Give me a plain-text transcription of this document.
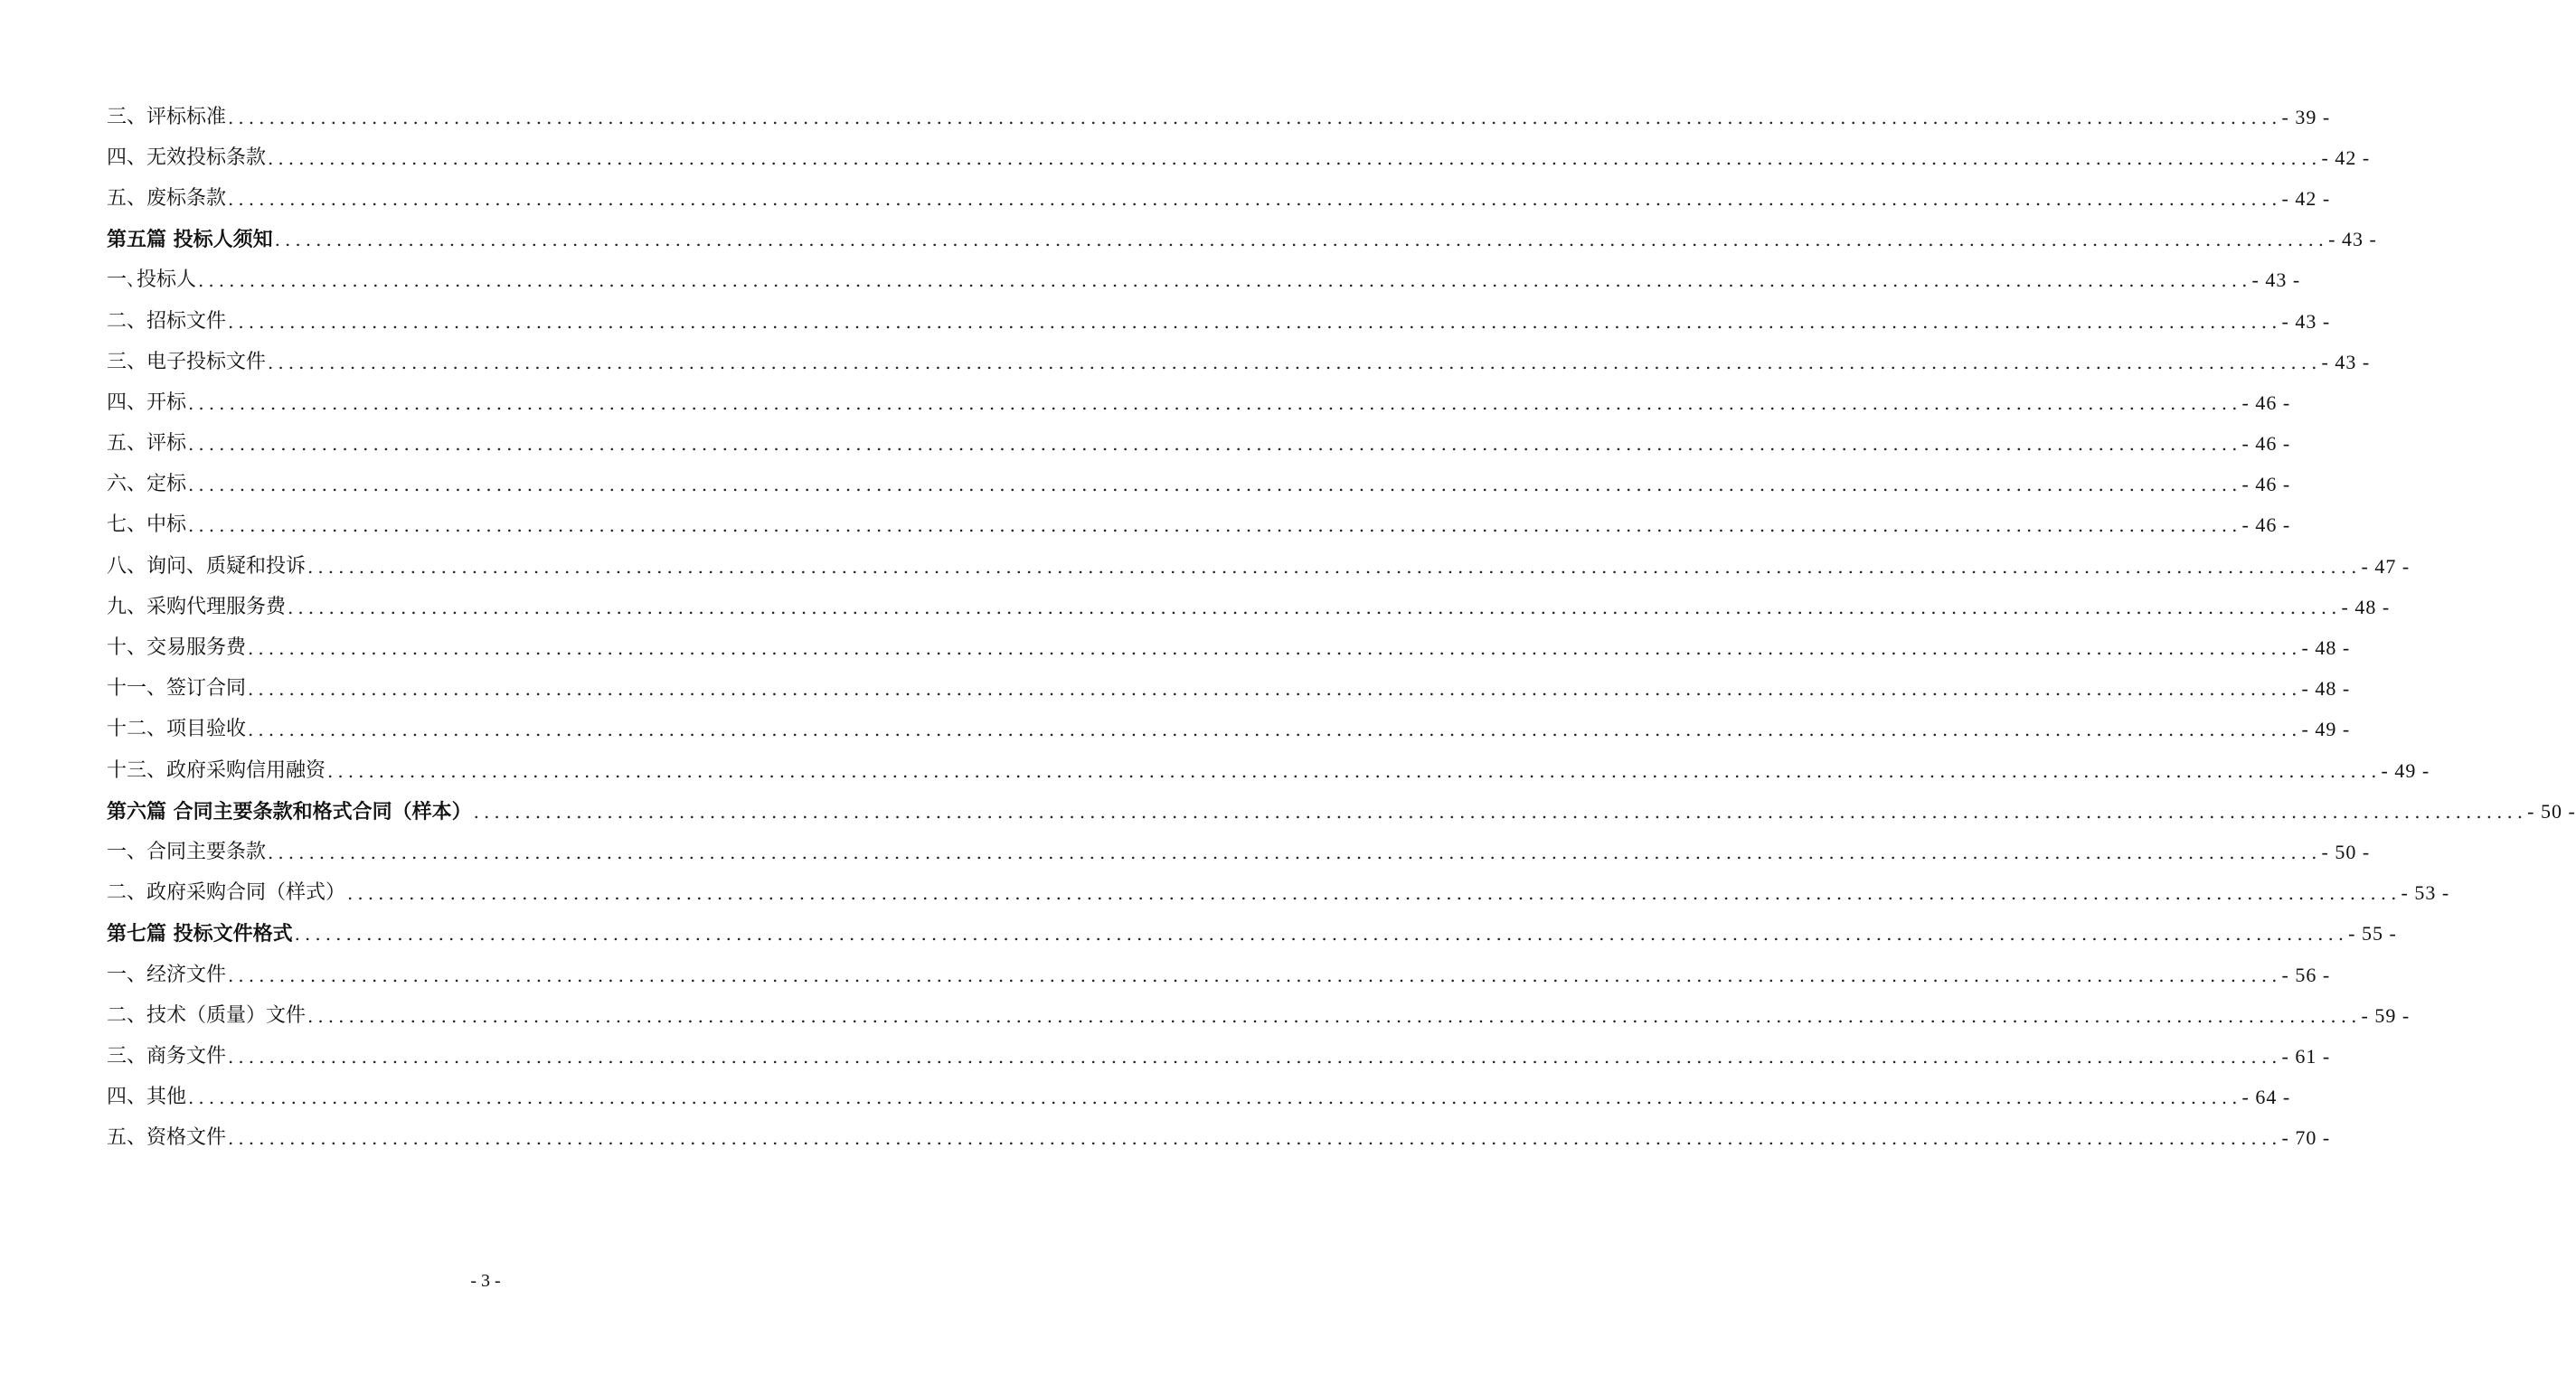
三、评标标准 ........................................................................................................................................................................................................ - 39 -
四、无效投标条款 ........................................................................................................................................................................................................ - 42 -
五、废标条款 ........................................................................................................................................................................................................ - 42 -
第五篇 投标人须知 ........................................................................................................................................................................................................ - 43 -
一､投标人 ........................................................................................................................................................................................................ - 43 -
二、招标文件 ........................................................................................................................................................................................................ - 43 -
三、电子投标文件 ........................................................................................................................................................................................................ - 43 -
四、开标 ........................................................................................................................................................................................................ - 46 -
五、评标 ........................................................................................................................................................................................................ - 46 -
六、定标 ........................................................................................................................................................................................................ - 46 -
七、中标 ........................................................................................................................................................................................................ - 46 -
八、询问、质疑和投诉 ........................................................................................................................................................................................................ - 47 -
九、采购代理服务费 ........................................................................................................................................................................................................ - 48 -
十、交易服务费 ........................................................................................................................................................................................................ - 48 -
十一、签订合同 ........................................................................................................................................................................................................ - 48 -
十二、项目验收 ........................................................................................................................................................................................................ - 49 -
十三、政府采购信用融资 ........................................................................................................................................................................................................ - 49 -
第六篇 合同主要条款和格式合同（样本） ........................................................................................................................................................................................................ - 50 -
一、合同主要条款 ........................................................................................................................................................................................................ - 50 -
二、政府采购合同（样式） ........................................................................................................................................................................................................ - 53 -
第七篇 投标文件格式 ........................................................................................................................................................................................................ - 55 -
一、经济文件 ........................................................................................................................................................................................................ - 56 -
二、技术（质量）文件 ........................................................................................................................................................................................................ - 59 -
三、商务文件 ........................................................................................................................................................................................................ - 61 -
四、其他 ........................................................................................................................................................................................................ - 64 -
五、资格文件 ........................................................................................................................................................................................................ - 70 -
- 3 -
